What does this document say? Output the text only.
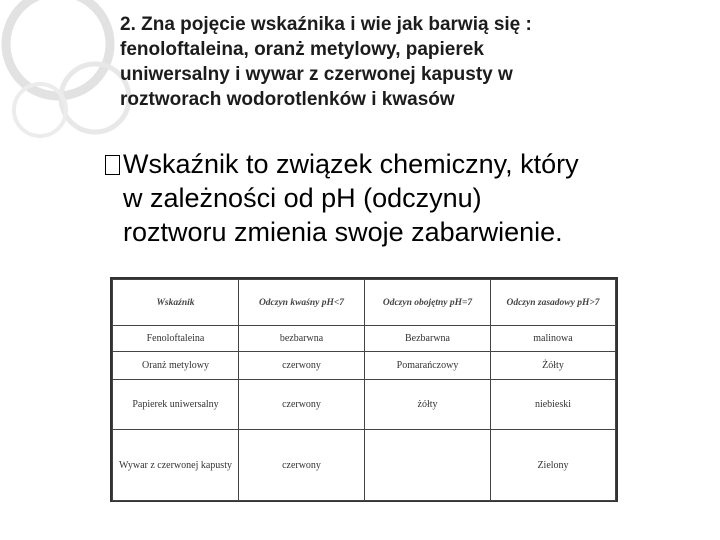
2. Zna pojęcie wskaźnika i wie jak barwią się :
fenoloftaleina, oranż metylowy, papierek
uniwersalny i wywar z czerwonej kapusty w
roztworach wodorotlenków i kwasów
Wskaźnik to związek chemiczny, który
w zależności od pH (odczynu)
roztworu zmienia swoje zabarwienie.
Wskaźnik	Odczyn kwaśny pH<7	Odczyn obojętny pH=7	Odczyn zasadowy pH>7
Fenoloftaleina	bezbarwna	Bezbarwna	malinowa
Oranż metylowy	czerwony	Pomarańczowy	Żółty
Papierek uniwersalny	czerwony	żółty	niebieski
Wywar z czerwonej kapusty	czerwony		Zielony
